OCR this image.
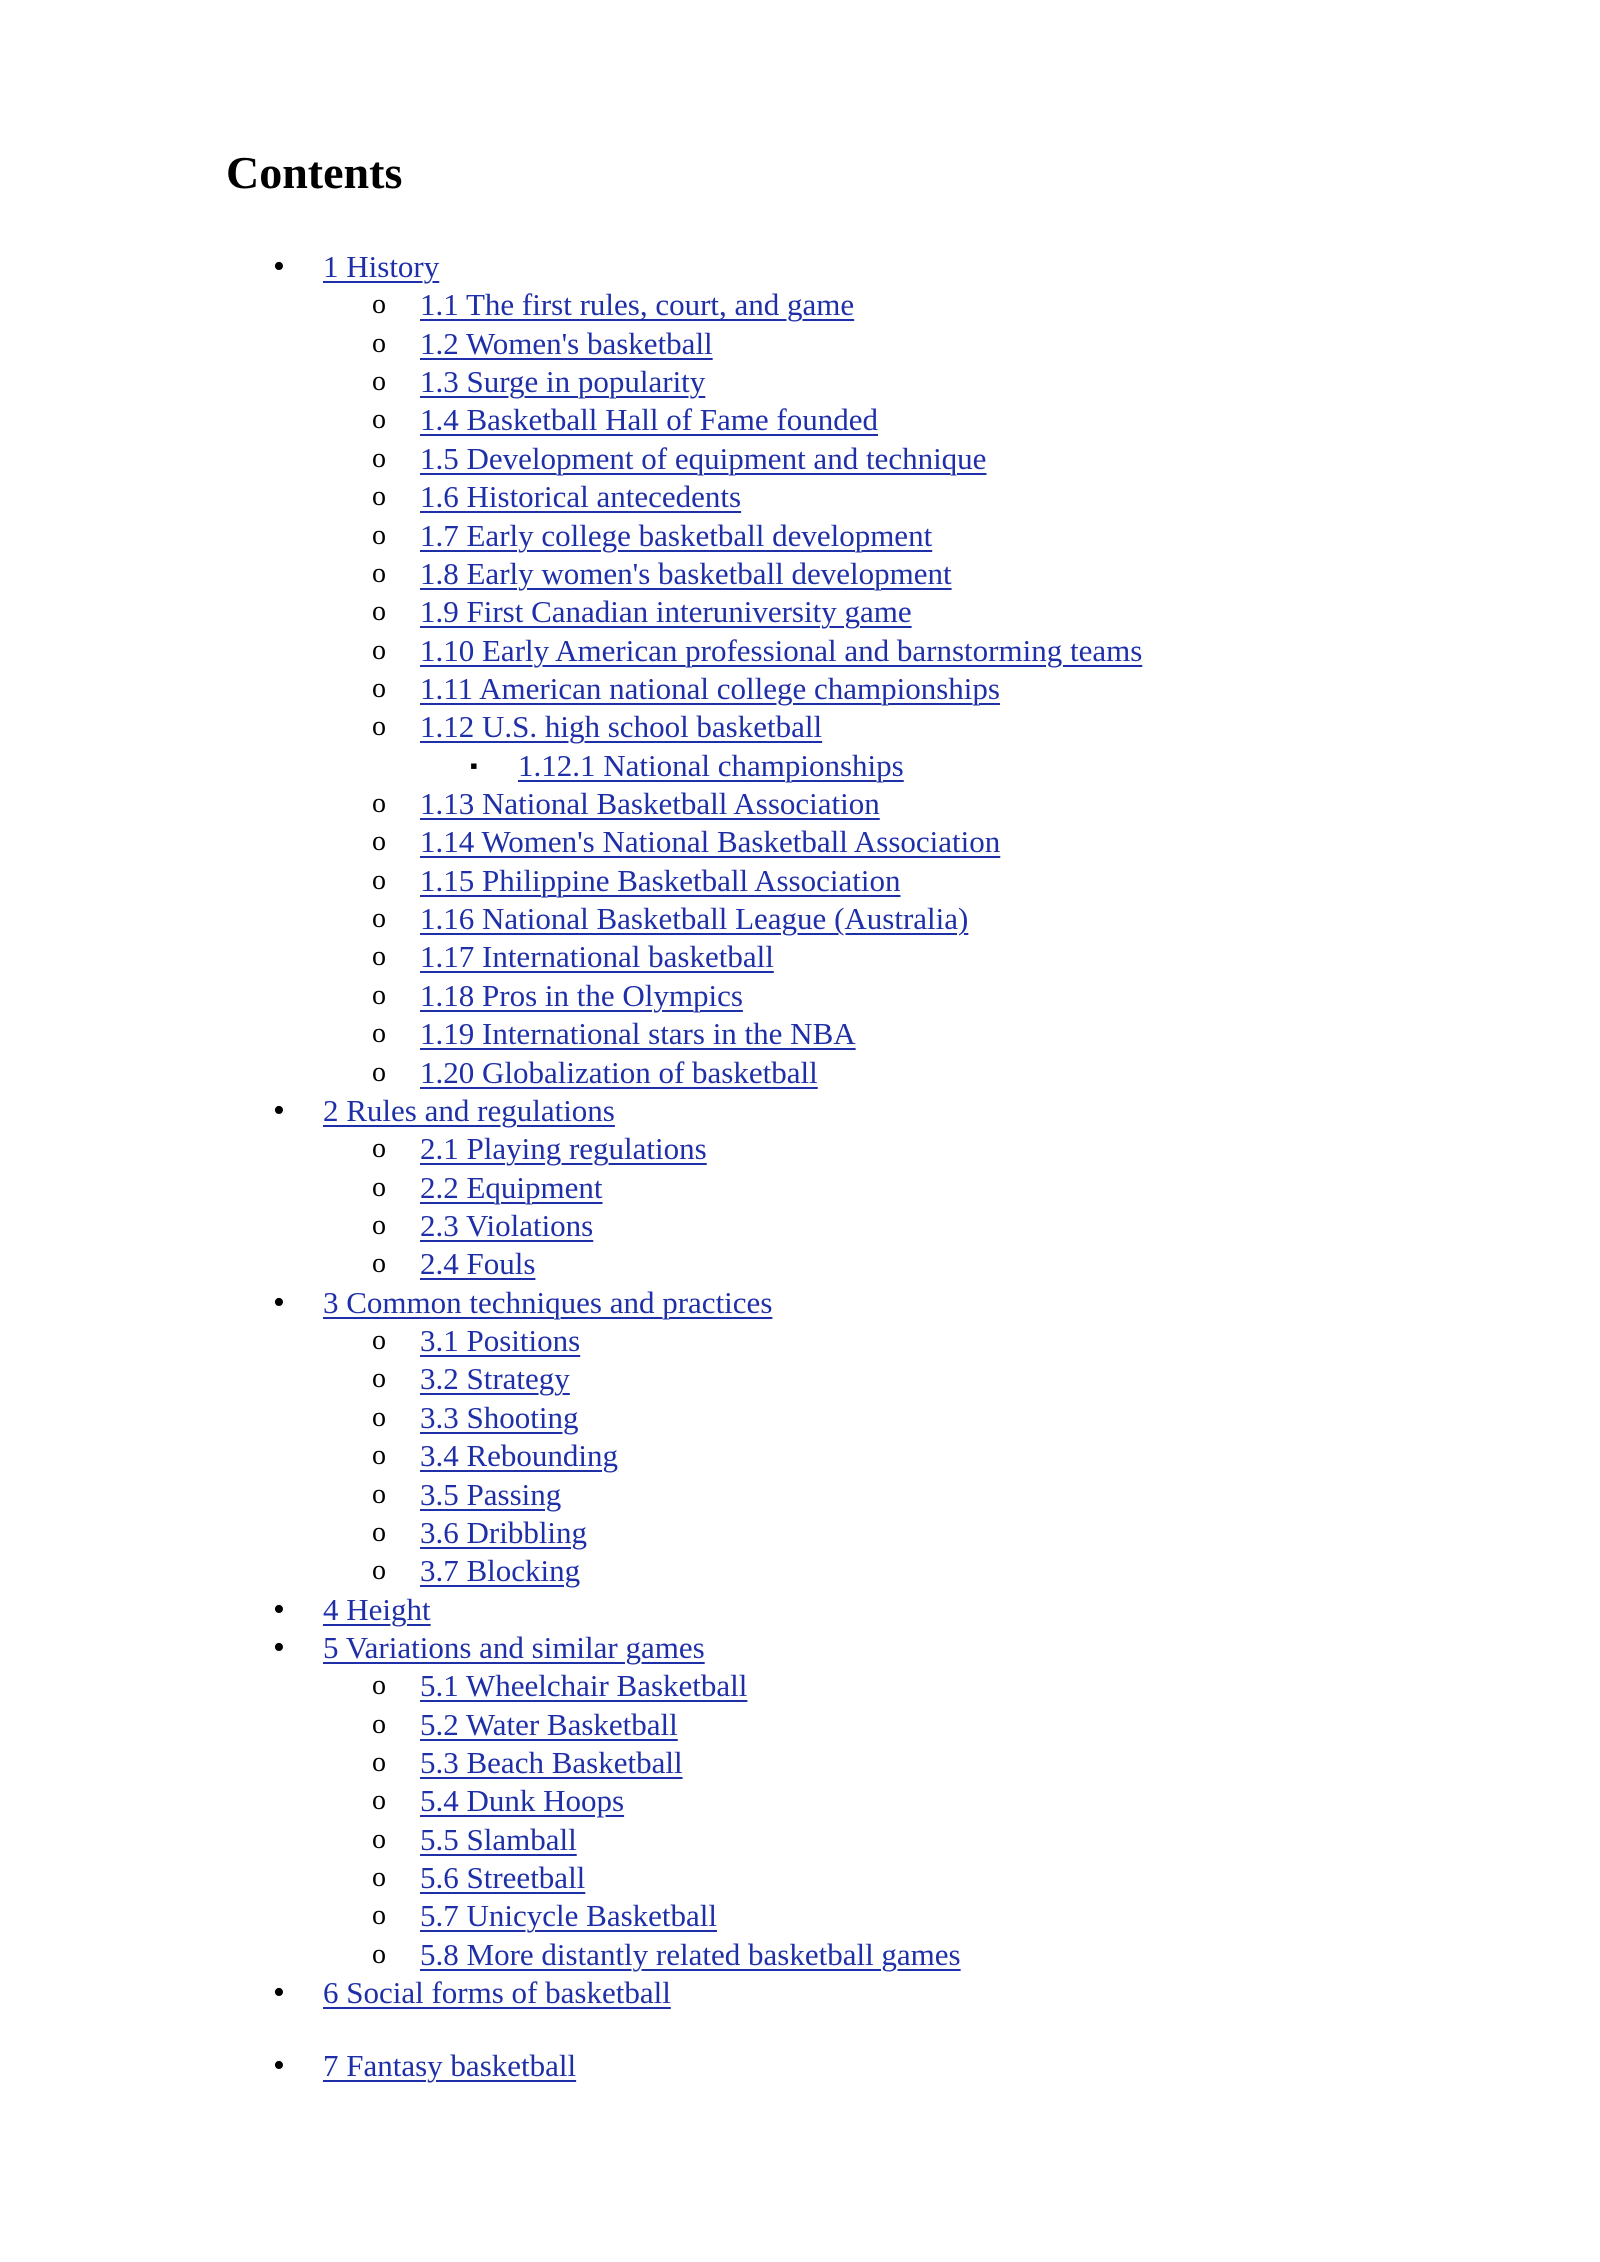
Contents
• 1 History
o 1.1 The first rules, court, and game
o 1.2 Women's basketball
o 1.3 Surge in popularity
o 1.4 Basketball Hall of Fame founded
o 1.5 Development of equipment and technique
o 1.6 Historical antecedents
o 1.7 Early college basketball development
o 1.8 Early women's basketball development
o 1.9 First Canadian interuniversity game
o 1.10 Early American professional and barnstorming teams
o 1.11 American national college championships
o 1.12 U.S. high school basketball
▪ 1.12.1 National championships
o 1.13 National Basketball Association
o 1.14 Women's National Basketball Association
o 1.15 Philippine Basketball Association
o 1.16 National Basketball League (Australia)
o 1.17 International basketball
o 1.18 Pros in the Olympics
o 1.19 International stars in the NBA
o 1.20 Globalization of basketball
• 2 Rules and regulations
o 2.1 Playing regulations
o 2.2 Equipment
o 2.3 Violations
o 2.4 Fouls
• 3 Common techniques and practices
o 3.1 Positions
o 3.2 Strategy
o 3.3 Shooting
o 3.4 Rebounding
o 3.5 Passing
o 3.6 Dribbling
o 3.7 Blocking
• 4 Height
• 5 Variations and similar games
o 5.1 Wheelchair Basketball
o 5.2 Water Basketball
o 5.3 Beach Basketball
o 5.4 Dunk Hoops
o 5.5 Slamball
o 5.6 Streetball
o 5.7 Unicycle Basketball
o 5.8 More distantly related basketball games
• 6 Social forms of basketball
• 7 Fantasy basketball
